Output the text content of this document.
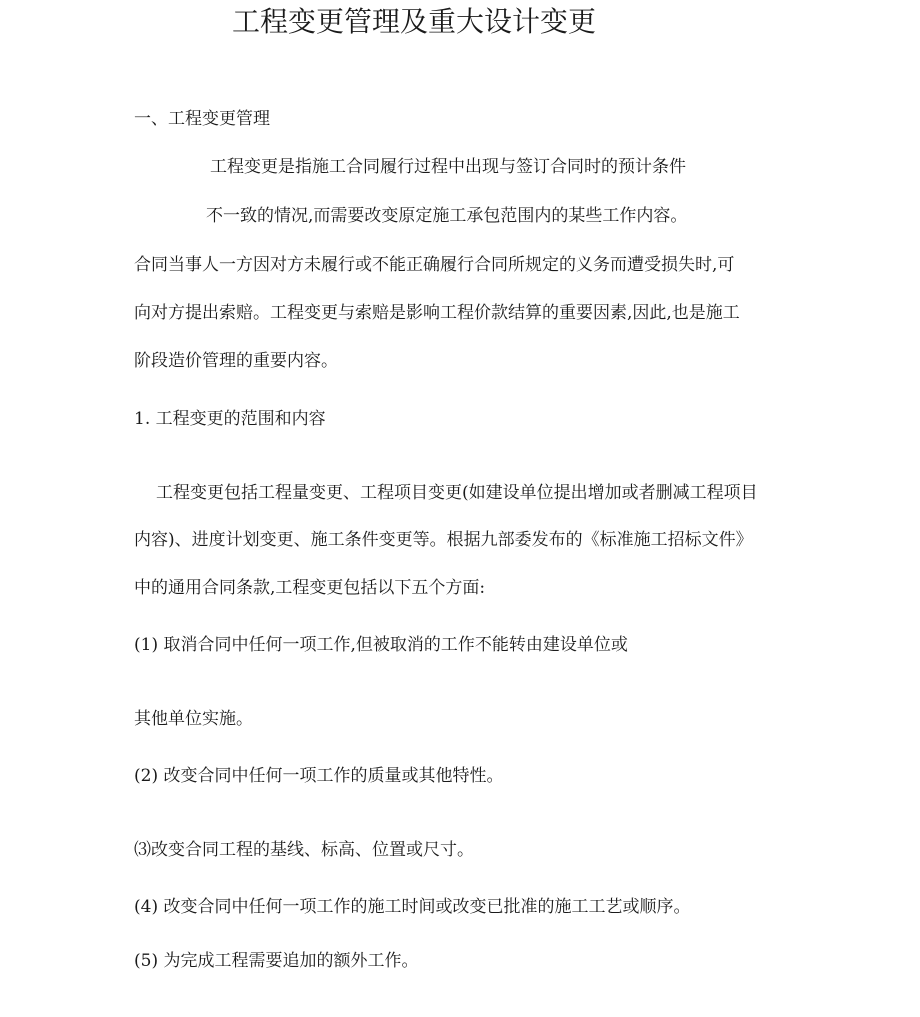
工程变更管理及重大设计变更

一、工程变更管理

工程变更是指施工合同履行过程中出现与签订合同时的预计条件

不一致的情况,而需要改变原定施工承包范围内的某些工作内容。

合同当事人一方因对方未履行或不能正确履行合同所规定的义务而遭受损失时,可

向对方提出索赔。工程变更与索赔是影响工程价款结算的重要因素,因此,也是施工

阶段造价管理的重要内容。

1. 工程变更的范围和内容

工程变更包括工程量变更、工程项目变更(如建设单位提出增加或者删减工程项目

内容)、进度计划变更、施工条件变更等。根据九部委发布的《标准施工招标文件》

中的通用合同条款,工程变更包括以下五个方面:

(1) 取消合同中任何一项工作,但被取消的工作不能转由建设单位或

其他单位实施。

(2) 改变合同中任何一项工作的质量或其他特性。

⑶改变合同工程的基线、标高、位置或尺寸。

(4) 改变合同中任何一项工作的施工时间或改变已批准的施工工艺或顺序。

(5) 为完成工程需要追加的额外工作。
